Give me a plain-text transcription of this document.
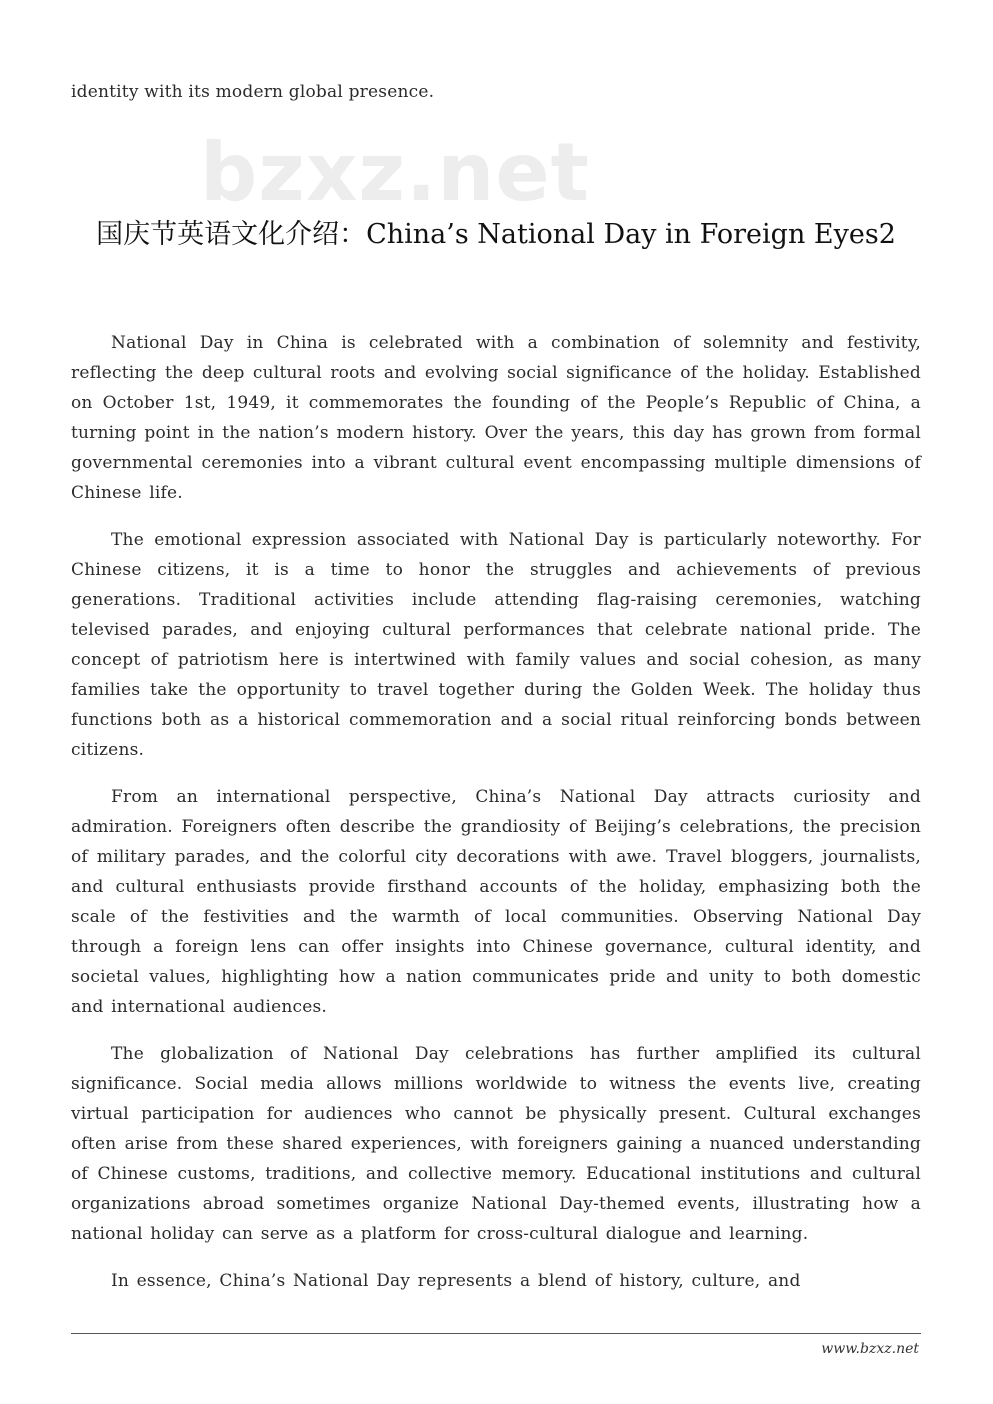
identity with its modern global presence.
bzxz.net
国庆节英语文化介绍：China’s National Day in Foreign Eyes2

National Day in China is celebrated with a combination of solemnity and festivity, reflecting the deep cultural roots and evolving social significance of the holiday. Established on October 1st, 1949, it commemorates the founding of the People’s Republic of China, a turning point in the nation’s modern history. Over the years, this day has grown from formal governmental ceremonies into a vibrant cultural event encompassing multiple dimensions of Chinese life.

The emotional expression associated with National Day is particularly noteworthy. For Chinese citizens, it is a time to honor the struggles and achievements of previous generations. Traditional activities include attending flag-raising ceremonies, watching televised parades, and enjoying cultural performances that celebrate national pride. The concept of patriotism here is intertwined with family values and social cohesion, as many families take the opportunity to travel together during the Golden Week. The holiday thus functions both as a historical commemoration and a social ritual reinforcing bonds between citizens.

From an international perspective, China’s National Day attracts curiosity and admiration. Foreigners often describe the grandiosity of Beijing’s celebrations, the precision of military parades, and the colorful city decorations with awe. Travel bloggers, journalists, and cultural enthusiasts provide firsthand accounts of the holiday, emphasizing both the scale of the festivities and the warmth of local communities. Observing National Day through a foreign lens can offer insights into Chinese governance, cultural identity, and societal values, highlighting how a nation communicates pride and unity to both domestic and international audiences.

The globalization of National Day celebrations has further amplified its cultural significance. Social media allows millions worldwide to witness the events live, creating virtual participation for audiences who cannot be physically present. Cultural exchanges often arise from these shared experiences, with foreigners gaining a nuanced understanding of Chinese customs, traditions, and collective memory. Educational institutions and cultural organizations abroad sometimes organize National Day-themed events, illustrating how a national holiday can serve as a platform for cross-cultural dialogue and learning.

In essence, China’s National Day represents a blend of history, culture, and

www.bzxz.net
